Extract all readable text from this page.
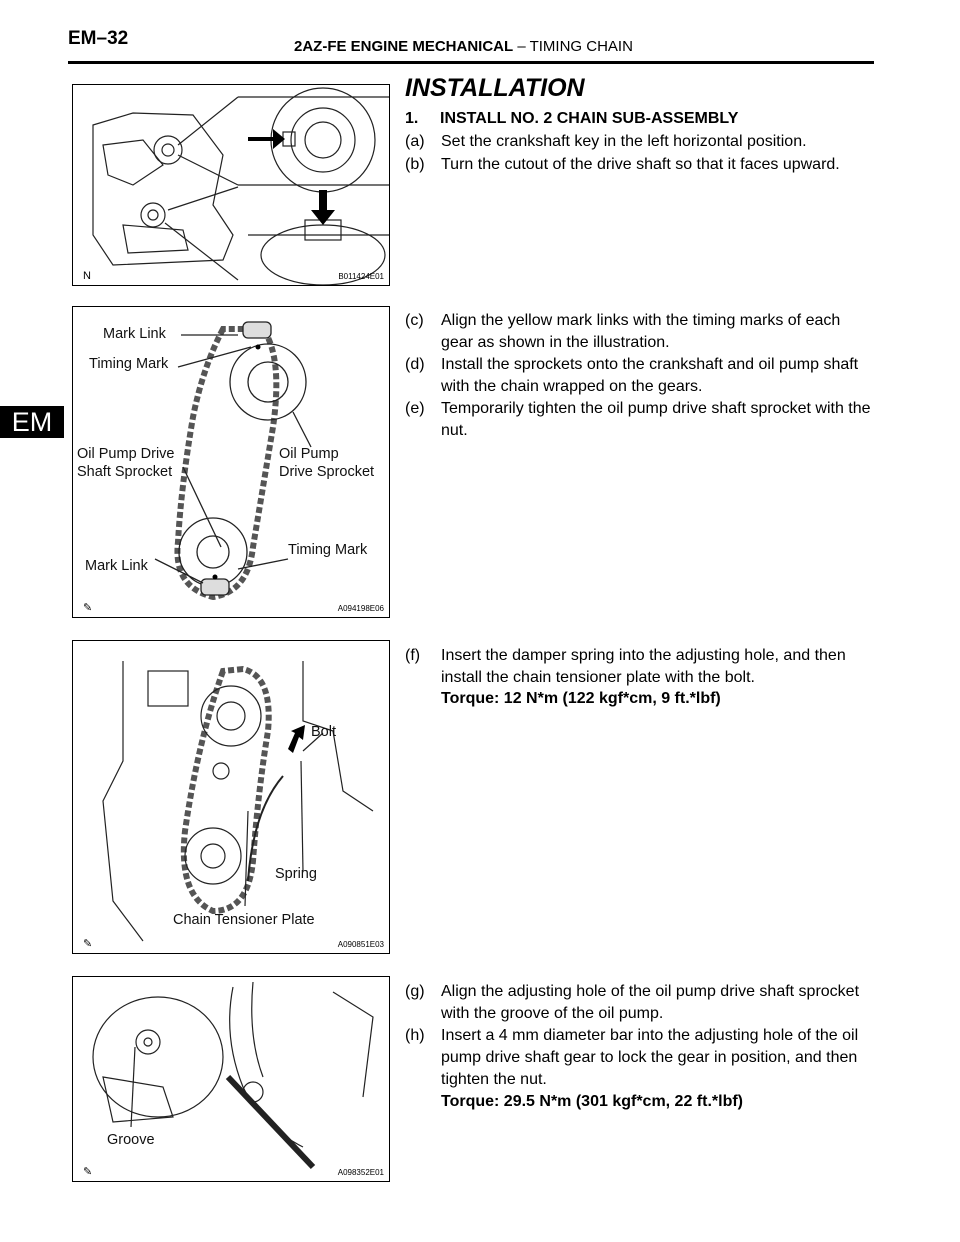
EM–32	2AZ-FE ENGINE MECHANICAL – TIMING CHAIN
EM
N	B011424E01
Mark Link
Timing Mark
Oil Pump Drive
Shaft Sprocket
Oil Pump
Drive Sprocket
Mark Link
Timing Mark
✎	A094198E06
Bolt
Spring
Chain Tensioner Plate
✎	A090851E03
Groove
✎	A098352E01
INSTALLATION
1. INSTALL NO. 2 CHAIN SUB-ASSEMBLY
(a) Set the crankshaft key in the left horizontal position.
(b) Turn the cutout of the drive shaft so that it faces upward.
(c) Align the yellow mark links with the timing marks of each gear as shown in the illustration.
(d) Install the sprockets onto the crankshaft and oil pump shaft with the chain wrapped on the gears.
(e) Temporarily tighten the oil pump drive shaft sprocket with the nut.
(f) Insert the damper spring into the adjusting hole, and then install the chain tensioner plate with the bolt.
Torque: 12 N*m (122 kgf*cm, 9 ft.*lbf)
(g) Align the adjusting hole of the oil pump drive shaft sprocket with the groove of the oil pump.
(h) Insert a 4 mm diameter bar into the adjusting hole of the oil pump drive shaft gear to lock the gear in position, and then tighten the nut.
Torque: 29.5 N*m (301 kgf*cm, 22 ft.*lbf)
